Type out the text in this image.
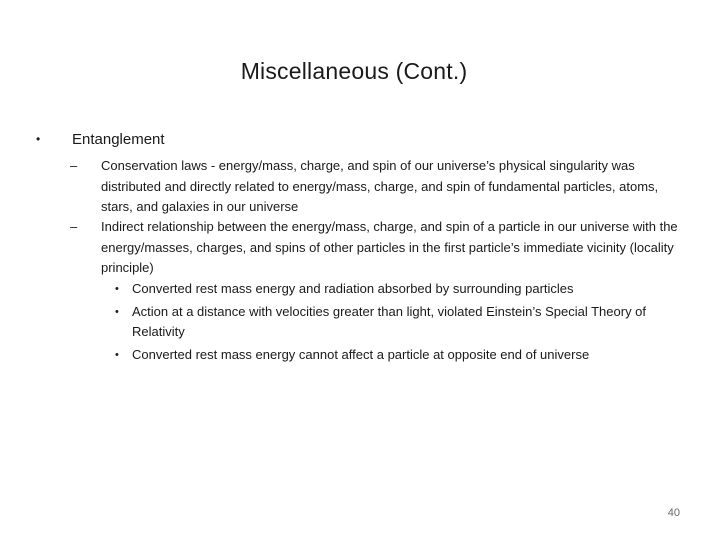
Miscellaneous (Cont.)
• Entanglement
– Conservation laws - energy/mass, charge, and spin of our universe’s physical singularity was distributed and directly related to energy/mass, charge, and spin of fundamental particles, atoms, stars, and galaxies in our universe
– Indirect relationship between the energy/mass, charge, and spin of a particle in our universe with the energy/masses, charges, and spins of other particles in the first particle’s immediate vicinity (locality principle)
• Converted rest mass energy and radiation absorbed by surrounding particles
• Action at a distance with velocities greater than light, violated Einstein’s Special Theory of Relativity
• Converted rest mass energy cannot affect a particle at opposite end of universe
40
